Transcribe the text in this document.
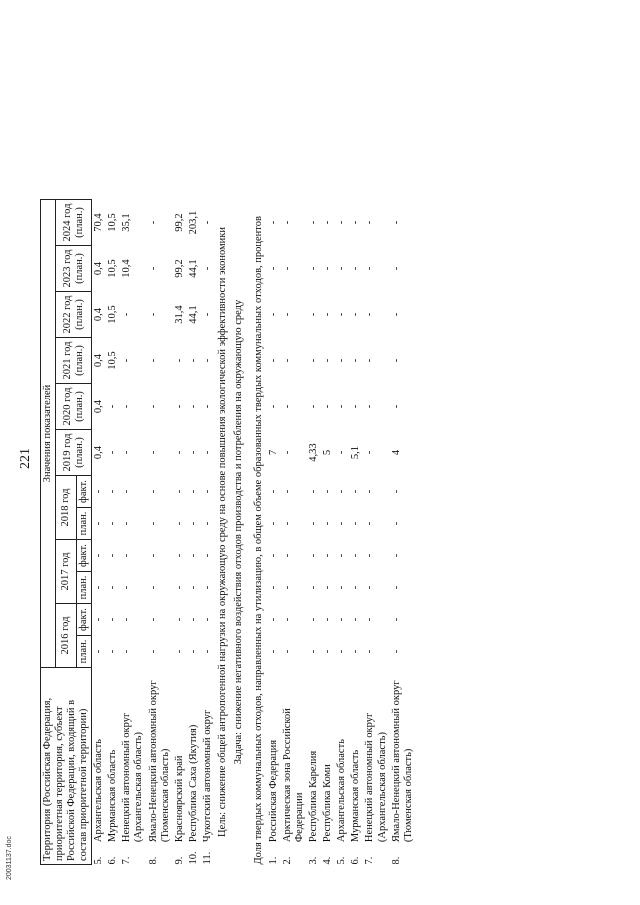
221
Территория (Российская Федерация, приоритетная территория, субъект Российской Федерации, входящий в состав приоритетной территории)		Значения показателей											
		2016 год		2017 год		2018 год		2019 год (план.)	2020 год (план.)	2021 год (план.)	2022 год (план.)	2023 год (план.)	2024 год (план.)
		план.	факт.	план.	факт.	план.	факт.						
5.	Архангельская область	-	-	-	-	-	-	0,4	0,4	0,4	0,4	0,4	70,4
6.	Мурманская область	-	-	-	-	-	-	-	-	10,5	10,5	10,5	10,5
7.	Ненецкий автономный округ (Архангельская область)	-	-	-	-	-	-	-	-	-	-	10,4	35,1
8.	Ямало-Ненецкий автономный округ (Тюменская область)	-	-	-	-	-	-	-	-	-	-	-	-
9.	Красноярский край	-	-	-	-	-	-	-	-	-	31,4	99,2	99,2
10.	Республика Саха (Якутия)	-	-	-	-	-	-	-	-	-	44,1	44,1	203,1
11.	Чукотский автономный округ	-	-	-	-	-	-	-	-	-	-	-	-
Цель: снижение общей антропогенной нагрузки на окружающую среду на основе повышения экологической эффективности экономики													
Задача: снижение негативного воздействия отходов производства и потребления на окружающую среду													
Доля твердых коммунальных отходов, направленных на утилизацию, в общем объеме образованных твердых коммунальных отходов, процентов													
1.	Российская Федерация	-	-	-	-	-	-	7	-	-	-	-	-
2.	Арктическая зона Российской Федерации	-	-	-	-	-	-	-	-	-	-	-	-
3.	Республика Карелия	-	-	-	-	-	-	4,33	-	-	-	-	-
4.	Республика Коми	-	-	-	-	-	-	5	-	-	-	-	-
5.	Архангельская область	-	-	-	-	-	-	-	-	-	-	-	-
6.	Мурманская область	-	-	-	-	-	-	5,1	-	-	-	-	-
7.	Ненецкий автономный округ (Архангельская область)	-	-	-	-	-	-	-	-	-	-	-	-
8.	Ямало-Ненецкий автономный округ (Тюменская область)	-	-	-	-	-	-	4	-	-	-	-	-
20031137.doc
